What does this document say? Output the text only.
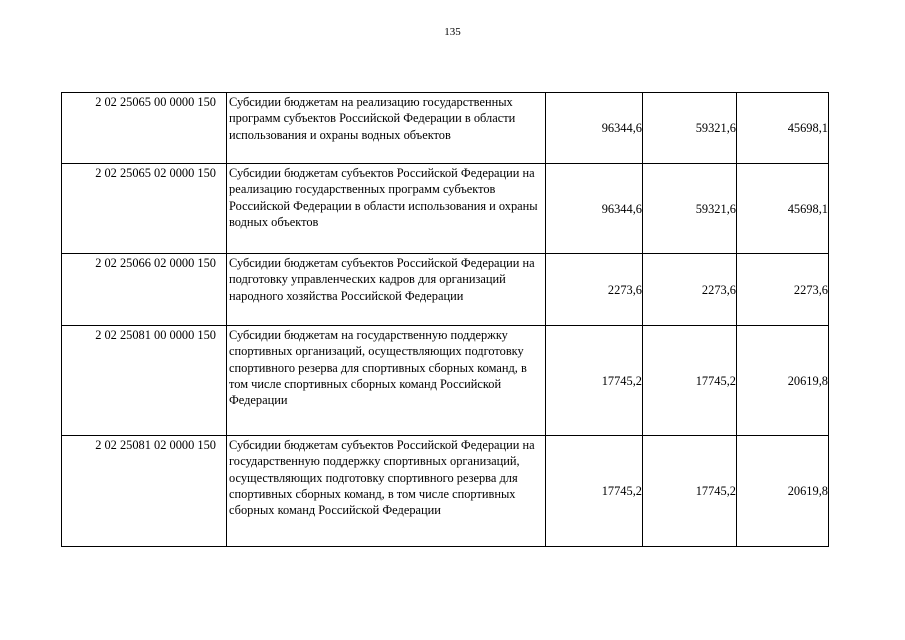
135
2 02 25065 00 0000 150	Субсидии бюджетам на реализацию государственных программ субъектов Российской Федерации в области использования и охраны водных объектов	96344,6	59321,6	45698,1
2 02 25065 02 0000 150	Субсидии бюджетам субъектов Российской Федерации на реализацию государственных программ субъектов Российской Федерации в области использования и охраны водных объектов	96344,6	59321,6	45698,1
2 02 25066 02 0000 150	Субсидии бюджетам субъектов Российской Федерации на подготовку управленческих кадров для организаций народного хозяйства Российской Федерации	2273,6	2273,6	2273,6
2 02 25081 00 0000 150	Субсидии бюджетам на государственную поддержку спортивных организаций, осуществляющих подготовку спортивного резерва для спортивных сборных команд, в том числе спортивных сборных команд Российской Федерации	17745,2	17745,2	20619,8
2 02 25081 02 0000 150	Субсидии бюджетам субъектов Российской Федерации на государственную поддержку спортивных организаций, осуществляющих подготовку спортивного резерва для спортивных сборных команд, в том числе спортивных сборных команд Российской Федерации	17745,2	17745,2	20619,8
